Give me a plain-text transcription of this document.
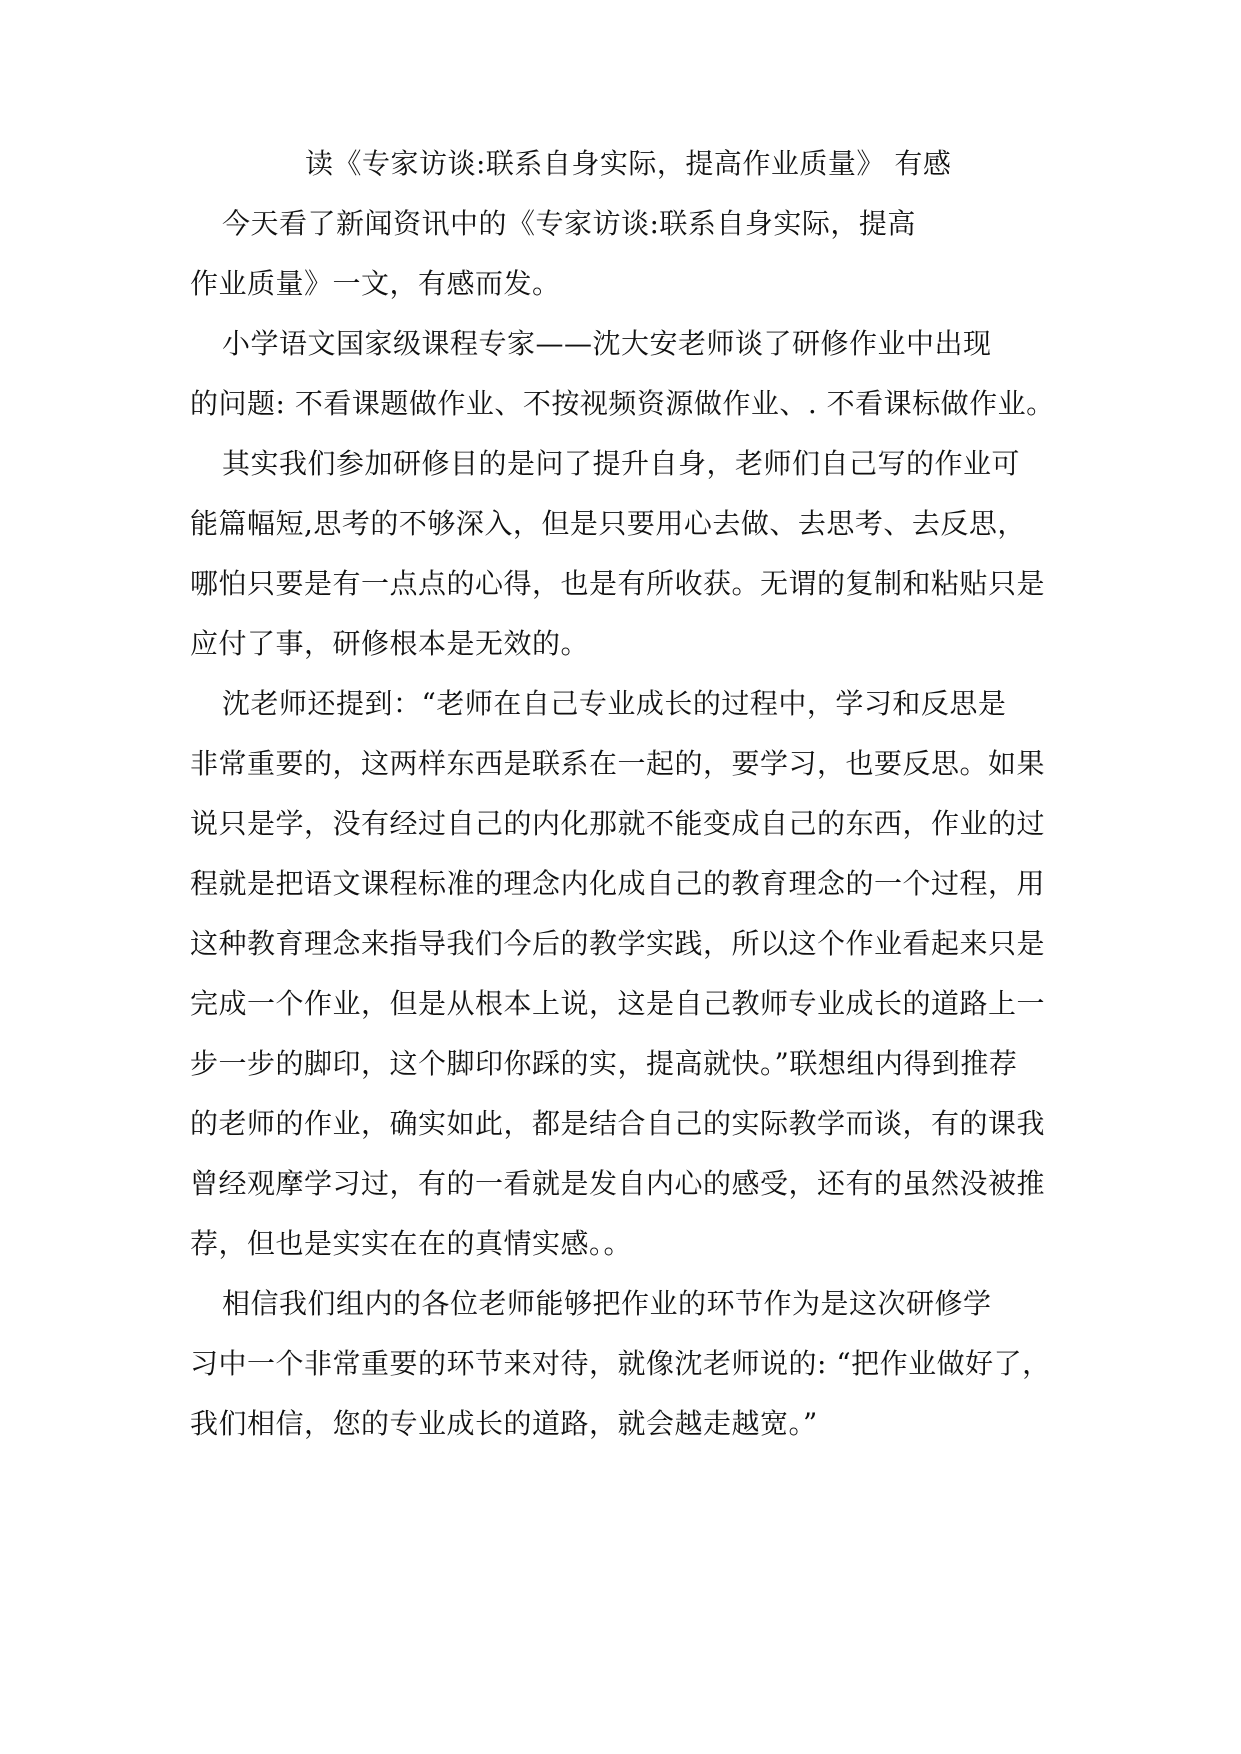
读《专家访谈:联系自身实际，提高作业质量》 有感
今天看了新闻资讯中的《专家访谈:联系自身实际，提高
作业质量》一文，有感而发。
小学语文国家级课程专家——沈大安老师谈了研修作业中出现
的问题: 不看课题做作业、不按视频资源做作业、. 不看课标做作业。
其实我们参加研修目的是问了提升自身，老师们自己写的作业可
能篇幅短,思考的不够深入，但是只要用心去做、去思考、去反思，
哪怕只要是有一点点的心得，也是有所收获。无谓的复制和粘贴只是
应付了事，研修根本是无效的。
沈老师还提到：“老师在自己专业成长的过程中，学习和反思是
非常重要的，这两样东西是联系在一起的，要学习，也要反思。如果
说只是学，没有经过自己的内化那就不能变成自己的东西，作业的过
程就是把语文课程标准的理念内化成自己的教育理念的一个过程，用
这种教育理念来指导我们今后的教学实践，所以这个作业看起来只是
完成一个作业，但是从根本上说，这是自己教师专业成长的道路上一
步一步的脚印，这个脚印你踩的实，提高就快。”联想组内得到推荐
的老师的作业，确实如此，都是结合自己的实际教学而谈，有的课我
曾经观摩学习过，有的一看就是发自内心的感受，还有的虽然没被推
荐，但也是实实在在的真情实感。。
相信我们组内的各位老师能够把作业的环节作为是这次研修学
习中一个非常重要的环节来对待，就像沈老师说的: “把作业做好了，
我们相信，您的专业成长的道路，就会越走越宽。”
